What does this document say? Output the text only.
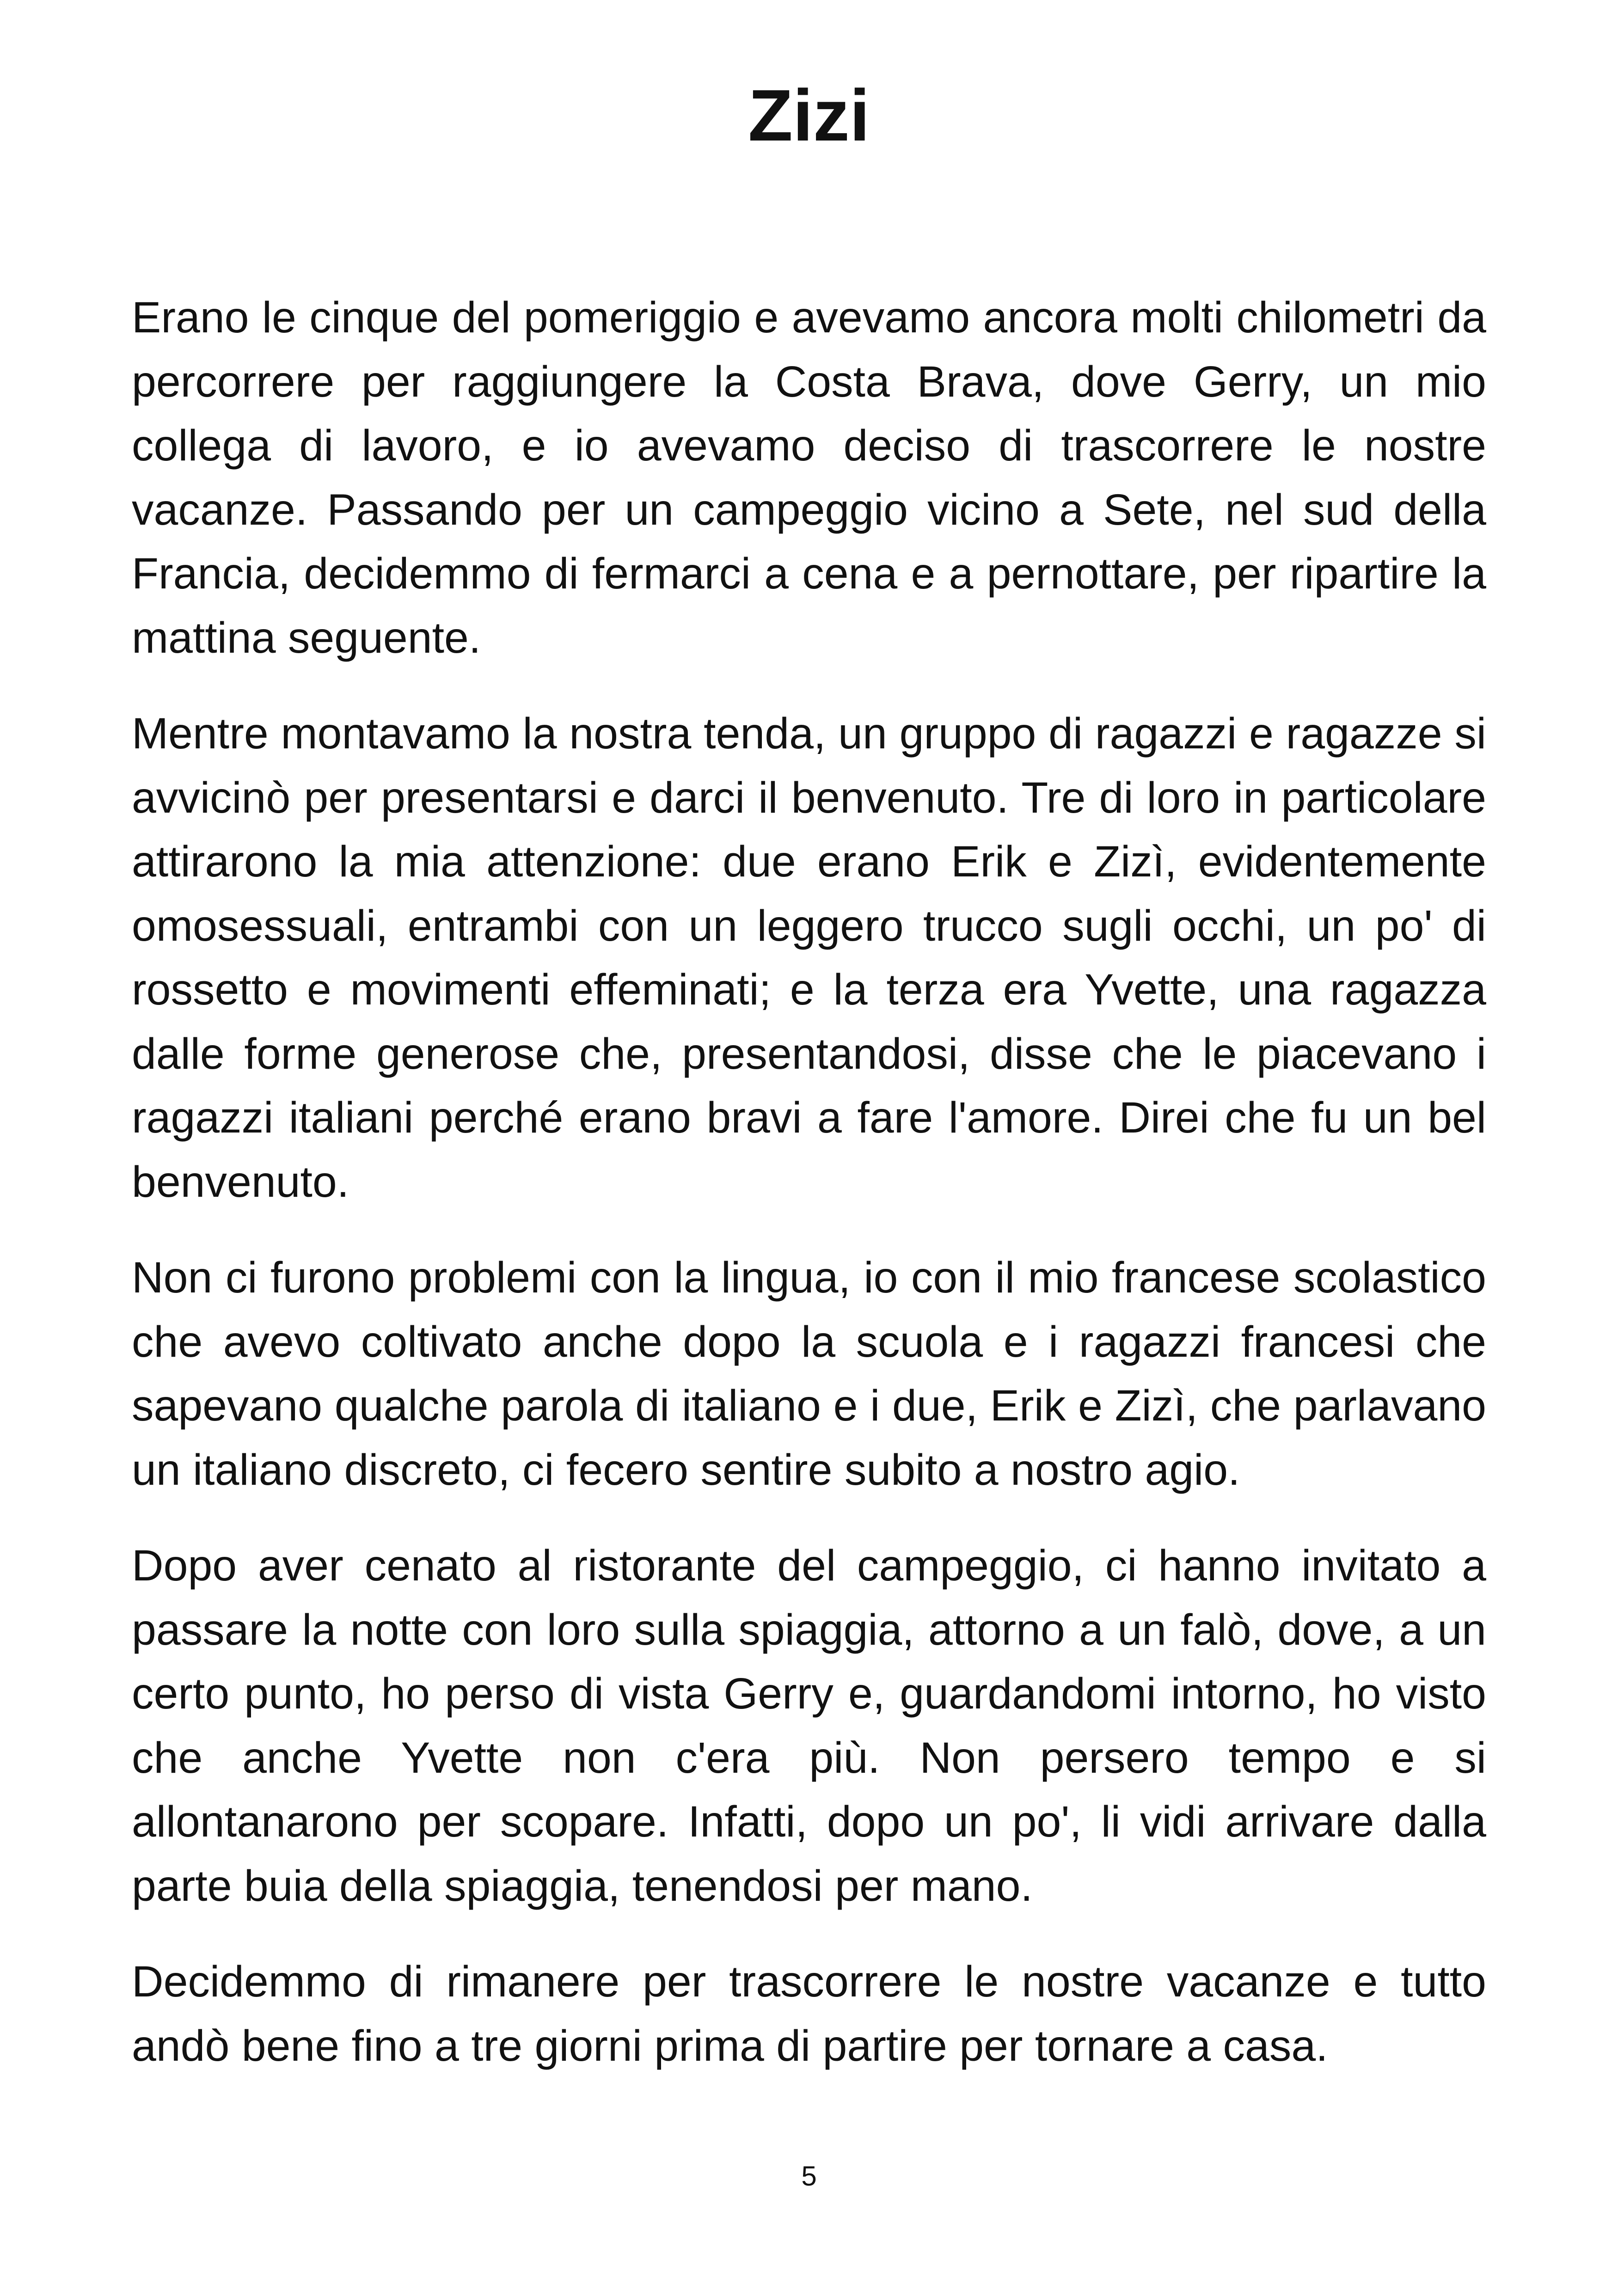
Zizi

Erano le cinque del pomeriggio e avevamo ancora molti chilometri da percorrere per raggiungere la Costa Brava, dove Gerry, un mio collega di lavoro, e io avevamo deciso di trascorrere le nostre vacanze. Passando per un campeggio vicino a Sete, nel sud della Francia, decidemmo di fermarci a cena e a pernottare, per ripartire la mattina seguente.

Mentre montavamo la nostra tenda, un gruppo di ragazzi e ragazze si avvicinò per presentarsi e darci il benvenuto. Tre di loro in particolare attirarono la mia attenzione: due erano Erik e Zizì, evidentemente omosessuali, entrambi con un leggero trucco sugli occhi, un po' di rossetto e movimenti effeminati; e la terza era Yvette, una ragazza dalle forme generose che, presentandosi, disse che le piacevano i ragazzi italiani perché erano bravi a fare l'amore. Direi che fu un bel benvenuto.

Non ci furono problemi con la lingua, io con il mio francese scolastico che avevo coltivato anche dopo la scuola e i ragazzi francesi che sapevano qualche parola di italiano e i due, Erik e Zizì, che parlavano un italiano discreto, ci fecero sentire subito a nostro agio.

Dopo aver cenato al ristorante del campeggio, ci hanno invitato a passare la notte con loro sulla spiaggia, attorno a un falò, dove, a un certo punto, ho perso di vista Gerry e, guardandomi intorno, ho visto che anche Yvette non c'era più. Non persero tempo e si allontanarono per scopare. Infatti, dopo un po', li vidi arrivare dalla parte buia della spiaggia, tenendosi per mano.

Decidemmo di rimanere per trascorrere le nostre vacanze e tutto andò bene fino a tre giorni prima di partire per tornare a casa.

5
